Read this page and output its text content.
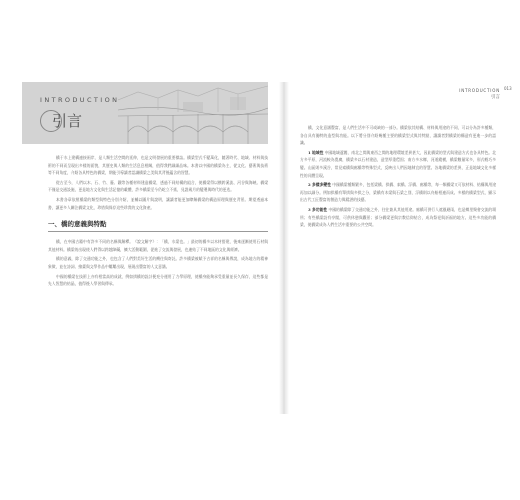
INTRODUCTION
引言

橋于水上建構連接兩岸，是人類生活空間的延伸，也是文明發展的重要標誌。橋梁型式千變萬化，隨著時代、地域、材料與技術的不同而呈現出多樣的面貌，其歷史與人類的生活息息相關，值得我們細細品味。本書以中國的橋梁為主，從文化、藝術與技術等不同角度，介紹各具特色的橋梁，期能引導讀者認識橋梁之美與其背後蘊含的智慧。

從古至今，人們以木、石、竹、藤、鐵等各種材料建造橋梁，透過不同結構的組合，使橋梁得以橫跨溪流、河谷與海峽。橋梁不僅是交通設施，更是地方文化與生活記憶的載體，許多橋梁至今仍屹立不搖，見證歲月的變遷與時代的更迭。

本書各章依照橋梁的類型與特色分別介紹，並輔以圖片與說明，讓讀者能更加瞭解橋梁的構造原理與歷史背景。期望透過本書，讓更多人關注橋梁文化，珍惜與保存這些珍貴的文化資產。

一、橋的意義與特點

橋，在中國古籍中有許多不同的名稱與解釋。《說文解字》：「橋，水梁也。」最初的橋多以木材搭建，後來逐漸使用石材與其他材料。橋梁的出現使人們得以跨越障礙，擴大活動範圍，促進了交流與發展，也連結了不同地區的文化與經濟。

橋的意義，除了交通功能之外，也包含了人們對美好生活的嚮往與寄託。許多橋梁被賦予吉祥的名稱與傳說，成為地方的精神象徵，並在詩詞、繪畫與文學作品中屢屢出現，展現出豐富的人文意涵。

中國的橋梁在技術上亦有相當高的成就，例如拱橋的設計便充分運用了力學原理，使橋身能夠承受重量並長久保存，這些都是先人智慧的結晶，值得後人學習與傳承。

INTRODUCTION
引言
013

橋，文化意涵豐富，是人們生活中不可或缺的一部分。橋梁依其結構、材料與用途的不同，可以分為許多種類，各自具有獨特的造型與功能。以下將分別介紹幾種主要的橋梁型式與其特點，讓讀者對橋梁的構造有更進一步的認識。

1 地域性 中國地域遼闊，南北之間與東西之間的地理環境差異甚大，因此橋梁的型式與建造方式也各具特色。北方多平原，河流較為寬廣，橋梁多以石材建造，造型厚重穩固；南方多水鄉，河道縱橫，橋梁數量眾多，形式輕巧多變。山區則多溪谷，常見索橋與廊橋等特殊型式，反映出人們因地制宜的智慧。各地橋梁的差異，正是地域文化多樣性的具體呈現。

2 多樣多變性 中國橋梁種類繁多，包括梁橋、拱橋、索橋、浮橋、廊橋等，每一類橋梁又可依材料、結構與用途再加以細分。例如拱橋有單拱與多拱之分，梁橋有木梁與石梁之別，浮橋則以舟船相連而成。多樣的橋梁型式，顯示出古代工匠豐富的創造力與精湛的技藝。

3 多功能性 中國的橋梁除了交通功能之外，往往兼具其他用途。廊橋可供行人遮風避雨，也是鄉里聚會交流的場所；有些橋梁設有亭閣，可供休憩與觀景；部分橋梁更與宗教信仰結合，成為祭祀與祈福的地方。這些多功能的橋梁，使橋梁成為人們生活中重要的公共空間。
